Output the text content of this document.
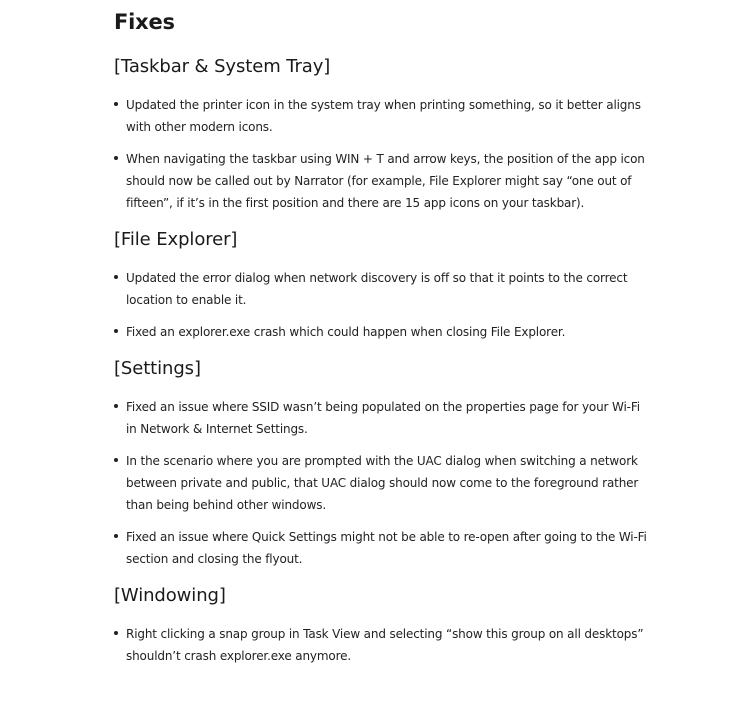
Fixes
[Taskbar & System Tray]
Updated the printer icon in the system tray when printing something, so it better aligns with other modern icons.
When navigating the taskbar using WIN + T and arrow keys, the position of the app icon should now be called out by Narrator (for example, File Explorer might say “one out of fifteen”, if it’s in the first position and there are 15 app icons on your taskbar).
[File Explorer]
Updated the error dialog when network discovery is off so that it points to the correct location to enable it.
Fixed an explorer.exe crash which could happen when closing File Explorer.
[Settings]
Fixed an issue where SSID wasn’t being populated on the properties page for your Wi-Fi in Network & Internet Settings.
In the scenario where you are prompted with the UAC dialog when switching a network between private and public, that UAC dialog should now come to the foreground rather than being behind other windows.
Fixed an issue where Quick Settings might not be able to re-open after going to the Wi-Fi section and closing the flyout.
[Windowing]
Right clicking a snap group in Task View and selecting “show this group on all desktops” shouldn’t crash explorer.exe anymore.
